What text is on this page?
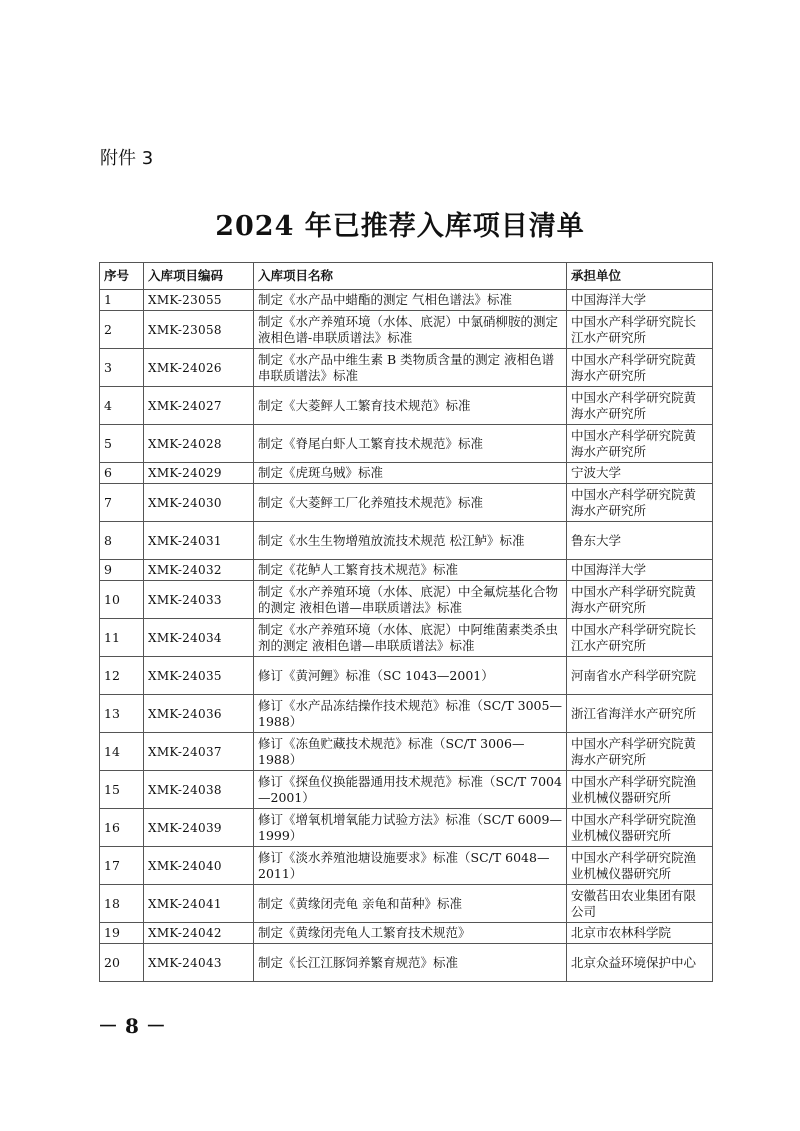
附件 3
2024 年已推荐入库项目清单
序号	入库项目编码	入库项目名称	承担单位
1	XMK-23055	制定《水产品中蜡酯的测定 气相色谱法》标准	中国海洋大学
2	XMK-23058	制定《水产养殖环境（水体、底泥）中氯硝柳胺的测定 液相色谱-串联质谱法》标准	中国水产科学研究院长江水产研究所
3	XMK-24026	制定《水产品中维生素 B 类物质含量的测定 液相色谱串联质谱法》标准	中国水产科学研究院黄海水产研究所
4	XMK-24027	制定《大菱鲆人工繁育技术规范》标准	中国水产科学研究院黄海水产研究所
5	XMK-24028	制定《脊尾白虾人工繁育技术规范》标准	中国水产科学研究院黄海水产研究所
6	XMK-24029	制定《虎斑乌贼》标准	宁波大学
7	XMK-24030	制定《大菱鲆工厂化养殖技术规范》标准	中国水产科学研究院黄海水产研究所
8	XMK-24031	制定《水生生物增殖放流技术规范 松江鲈》标准	鲁东大学
9	XMK-24032	制定《花鲈人工繁育技术规范》标准	中国海洋大学
10	XMK-24033	制定《水产养殖环境（水体、底泥）中全氟烷基化合物的测定 液相色谱—串联质谱法》标准	中国水产科学研究院黄海水产研究所
11	XMK-24034	制定《水产养殖环境（水体、底泥）中阿维菌素类杀虫剂的测定 液相色谱—串联质谱法》标准	中国水产科学研究院长江水产研究所
12	XMK-24035	修订《黄河鲤》标准（SC 1043—2001）	河南省水产科学研究院
13	XMK-24036	修订《水产品冻结操作技术规范》标准（SC/T 3005—1988）	浙江省海洋水产研究所
14	XMK-24037	修订《冻鱼贮藏技术规范》标准（SC/T 3006—1988）	中国水产科学研究院黄海水产研究所
15	XMK-24038	修订《探鱼仪换能器通用技术规范》标准（SC/T 7004—2001）	中国水产科学研究院渔业机械仪器研究所
16	XMK-24039	修订《增氧机增氧能力试验方法》标准（SC/T 6009—1999）	中国水产科学研究院渔业机械仪器研究所
17	XMK-24040	修订《淡水养殖池塘设施要求》标准（SC/T 6048—2011）	中国水产科学研究院渔业机械仪器研究所
18	XMK-24041	制定《黄缘闭壳龟 亲龟和苗种》标准	安徽萏田农业集团有限公司
19	XMK-24042	制定《黄缘闭壳龟人工繁育技术规范》	北京市农林科学院
20	XMK-24043	制定《长江江豚饲养繁育规范》标准	北京众益环境保护中心
－ 8 －
